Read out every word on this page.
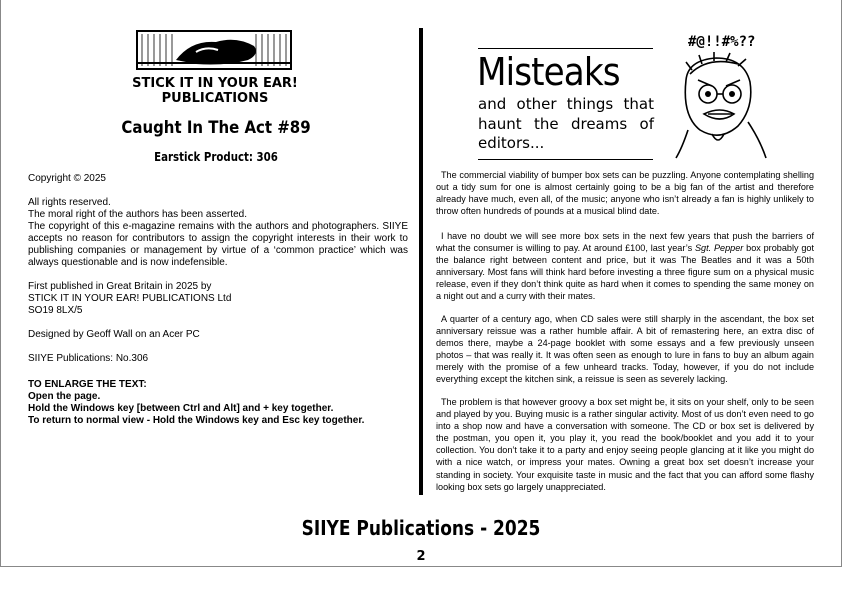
STICK IT IN YOUR EAR!
PUBLICATIONS
Caught In The Act #89
Earstick Product: 306

Copyright © 2025

All rights reserved.

The moral right of the authors has been asserted.

The copyright of this e-magazine remains with the authors and photographers. SIIYE accepts no reason for contributors to assign the copyright interests in their work to publishing companies or management by virtue of a ‘common practice’ which was always questionable and is now indefensible.

First published in Great Britain in 2025 by

STICK IT IN YOUR EAR! PUBLICATIONS Ltd

SO19 8LX/5

Designed by Geoff Wall on an Acer PC

SIIYE Publications: No.306

TO ENLARGE THE TEXT:

Open the page.

Hold the Windows key [between Ctrl and Alt] and + key together.

To return to normal view - Hold the Windows key and Esc key together.

Misteaks
and other things that haunt the dreams of editors...
#@!!#%??

The commercial viability of bumper box sets can be puzzling. Anyone contemplating shelling out a tidy sum for one is almost certainly going to be a big fan of the artist and therefore already have much, even all, of the music; anyone who isn’t already a fan is highly unlikely to throw often hundreds of pounds at a musical blind date.

I have no doubt we will see more box sets in the next few years that push the barriers of what the consumer is willing to pay. At around £100, last year’s Sgt. Pepper box probably got the balance right between content and price, but it was The Beatles and it was a 50th anniversary. Most fans will think hard before investing a three figure sum on a physical music release, even if they don’t think quite as hard when it comes to spending the same money on a night out and a curry with their mates.

A quarter of a century ago, when CD sales were still sharply in the ascendant, the box set anniversary reissue was a rather humble affair. A bit of remastering here, an extra disc of demos there, maybe a 24-page booklet with some essays and a few previously unseen photos – that was really it. It was often seen as enough to lure in fans to buy an album again merely with the promise of a few unheard tracks. Today, however, if you do not include everything except the kitchen sink, a reissue is seen as severely lacking.

The problem is that however groovy a box set might be, it sits on your shelf, only to be seen and played by you. Buying music is a rather singular activity. Most of us don’t even need to go into a shop now and have a conversation with someone. The CD or box set is delivered by the postman, you open it, you play it, you read the book/booklet and you add it to your collection. You don’t take it to a party and enjoy seeing people glancing at it like you might do with a nice watch, or impress your mates. Owning a great box set doesn’t increase your standing in society. Your exquisite taste in music and the fact that you can afford some flashy looking box sets go largely unappreciated.

SIIYE Publications - 2025
2
